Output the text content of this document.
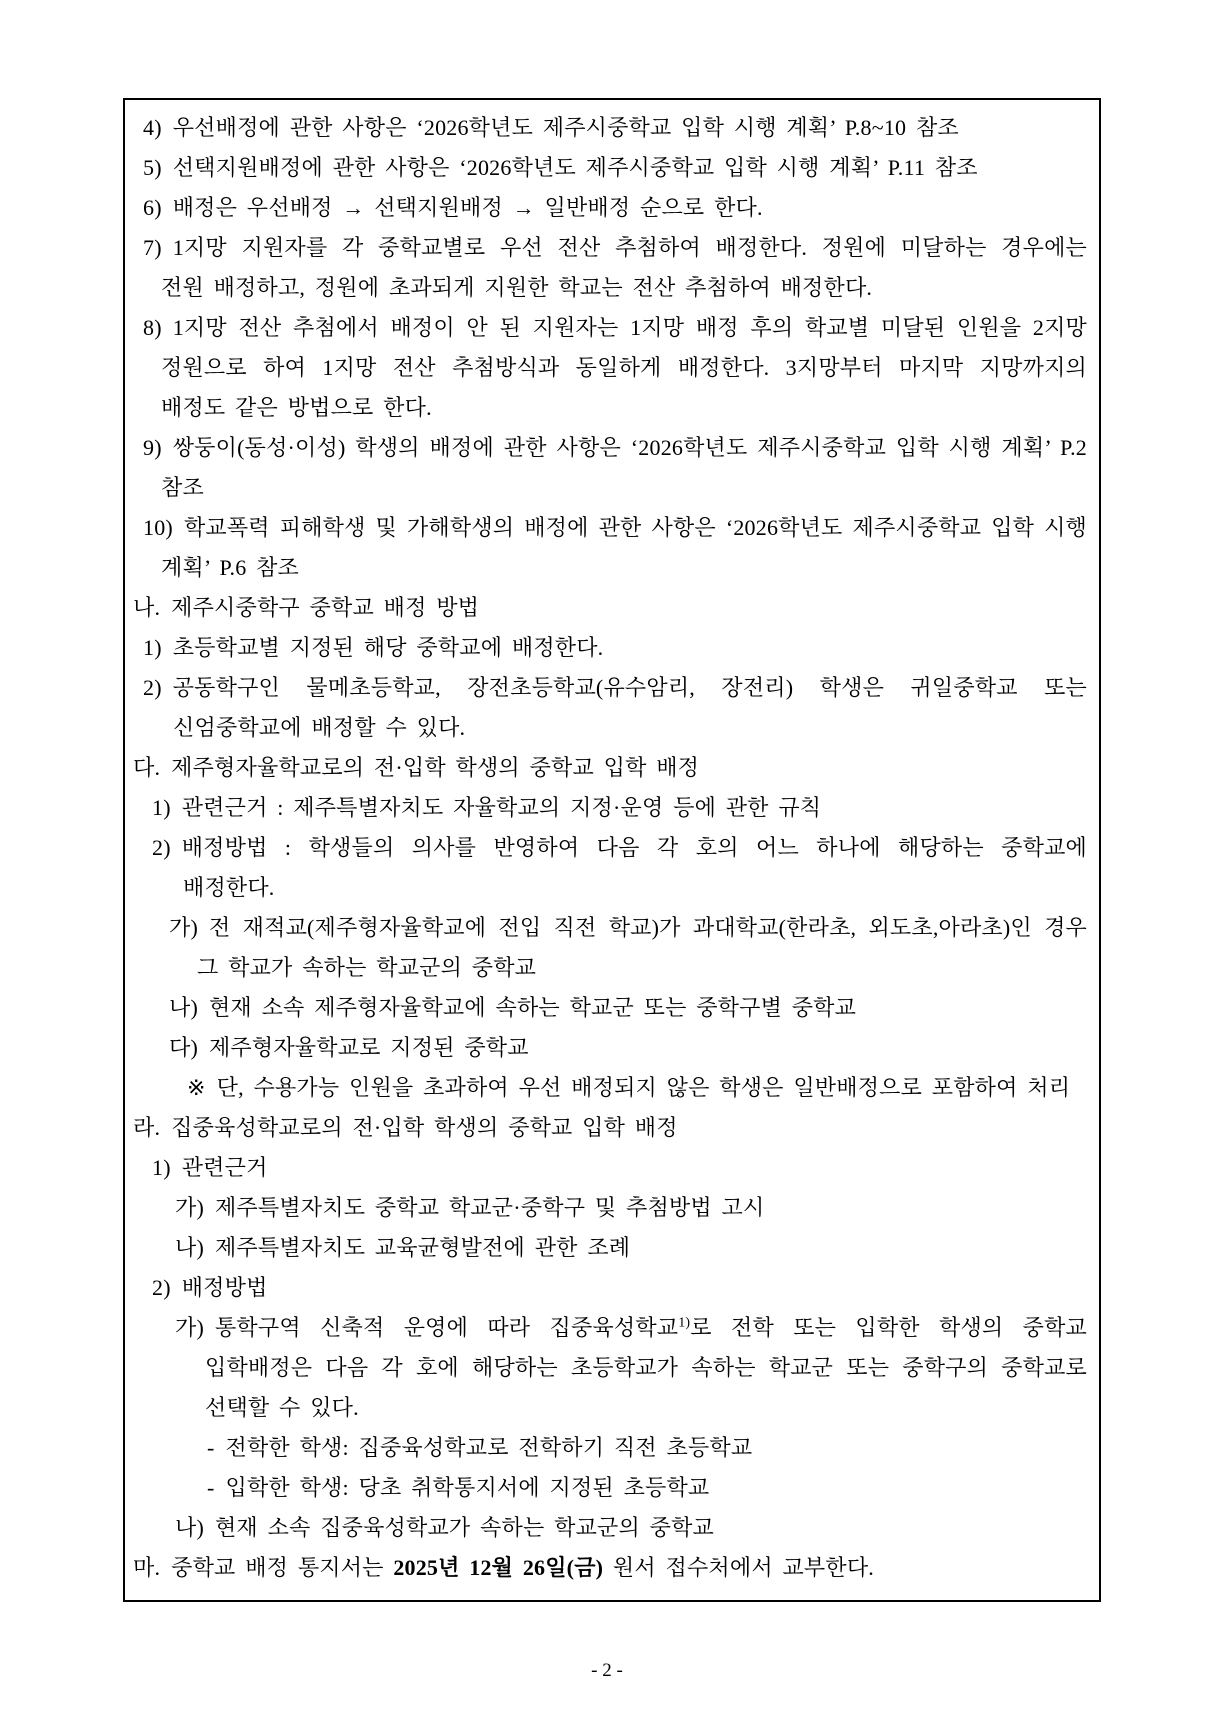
4) 우선배정에 관한 사항은 ‘2026학년도 제주시중학교 입학 시행 계획’ P.8~10 참조

5) 선택지원배정에 관한 사항은 ‘2026학년도 제주시중학교 입학 시행 계획’ P.11 참조

6) 배정은 우선배정 → 선택지원배정 → 일반배정 순으로 한다.

7) 1지망 지원자를 각 중학교별로 우선 전산 추첨하여 배정한다. 정원에 미달하는 경우에는 전원 배정하고, 정원에 초과되게 지원한 학교는 전산 추첨하여 배정한다.

8) 1지망 전산 추첨에서 배정이 안 된 지원자는 1지망 배정 후의 학교별 미달된 인원을 2지망 정원으로 하여 1지망 전산 추첨방식과 동일하게 배정한다. 3지망부터 마지막 지망까지의 배정도 같은 방법으로 한다.

9) 쌍둥이(동성·이성) 학생의 배정에 관한 사항은 ‘2026학년도 제주시중학교 입학 시행 계획’ P.2 참조

10) 학교폭력 피해학생 및 가해학생의 배정에 관한 사항은 ‘2026학년도 제주시중학교 입학 시행 계획’ P.6 참조

나. 제주시중학구 중학교 배정 방법

1) 초등학교별 지정된 해당 중학교에 배정한다.

2) 공동학구인 물메초등학교, 장전초등학교(유수암리, 장전리) 학생은 귀일중학교 또는 신엄중학교에 배정할 수 있다.

다. 제주형자율학교로의 전·입학 학생의 중학교 입학 배정

1) 관련근거 : 제주특별자치도 자율학교의 지정·운영 등에 관한 규칙

2) 배정방법 : 학생들의 의사를 반영하여 다음 각 호의 어느 하나에 해당하는 중학교에 배정한다.

가) 전 재적교(제주형자율학교에 전입 직전 학교)가 과대학교(한라초, 외도초,아라초)인 경우 그 학교가 속하는 학교군의 중학교

나) 현재 소속 제주형자율학교에 속하는 학교군 또는 중학구별 중학교

다) 제주형자율학교로 지정된 중학교

※ 단, 수용가능 인원을 초과하여 우선 배정되지 않은 학생은 일반배정으로 포함하여 처리

라. 집중육성학교로의 전·입학 학생의 중학교 입학 배정

1) 관련근거

가) 제주특별자치도 중학교 학교군·중학구 및 추첨방법 고시

나) 제주특별자치도 교육균형발전에 관한 조례

2) 배정방법

가) 통학구역 신축적 운영에 따라 집중육성학교$^{1)}$로 전학 또는 입학한 학생의 중학교 입학배정은 다음 각 호에 해당하는 초등학교가 속하는 학교군 또는 중학구의 중학교로 선택할 수 있다.

- 전학한 학생: 집중육성학교로 전학하기 직전 초등학교

- 입학한 학생: 당초 취학통지서에 지정된 초등학교

나) 현재 소속 집중육성학교가 속하는 학교군의 중학교

마. 중학교 배정 통지서는 2025년 12월 26일(금) 원서 접수처에서 교부한다.

- 2 -
